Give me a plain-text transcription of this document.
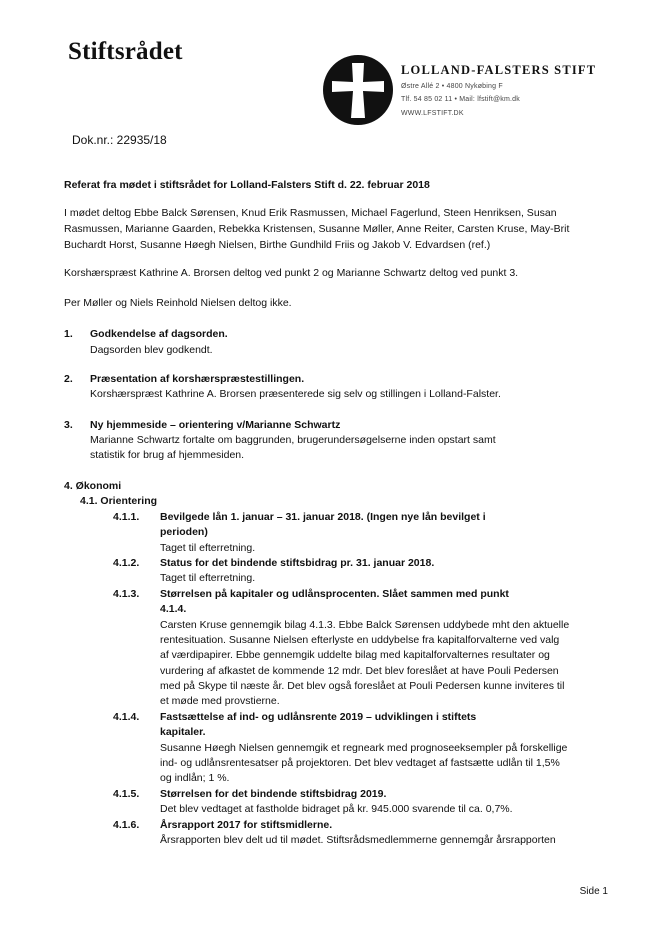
Stiftsrådet
LOLLAND-FALSTERS STIFT
Østre Allé 2 • 4800 Nykøbing F
Tlf. 54 85 02 11 • Mail: lfstift@km.dk
WWW.LFSTIFT.DK
Dok.nr.: 22935/18
Referat fra mødet i stiftsrådet for Lolland-Falsters Stift d. 22. februar 2018
I mødet deltog Ebbe Balck Sørensen, Knud Erik Rasmussen, Michael Fagerlund, Steen Henriksen, Susan
Rasmussen, Marianne Gaarden, Rebekka Kristensen, Susanne Møller, Anne Reiter, Carsten Kruse, May-Brit
Buchardt Horst, Susanne Høegh Nielsen, Birthe Gundhild Friis og Jakob V. Edvardsen (ref.)
Korshærspræst Kathrine A. Brorsen deltog ved punkt 2 og Marianne Schwartz deltog ved punkt 3.
Per Møller og Niels Reinhold Nielsen deltog ikke.
1. Godkendelse af dagsorden.
Dagsorden blev godkendt.
2. Præsentation af korshærspræstestillingen.
Korshærspræst Kathrine A. Brorsen præsenterede sig selv og stillingen i Lolland-Falster.
3. Ny hjemmeside – orientering v/Marianne Schwartz
Marianne Schwartz fortalte om baggrunden, brugerundersøgelserne inden opstart samt
statistik for brug af hjemmesiden.
4. Økonomi
4.1. Orientering
4.1.1. Bevilgede lån 1. januar – 31. januar 2018. (Ingen nye lån bevilget i
perioden)
Taget til efterretning.
4.1.2. Status for det bindende stiftsbidrag pr. 31. januar 2018.
Taget til efterretning.
4.1.3. Størrelsen på kapitaler og udlånsprocenten. Slået sammen med punkt
4.1.4.
Carsten Kruse gennemgik bilag 4.1.3. Ebbe Balck Sørensen uddybede mht den aktuelle
rentesituation. Susanne Nielsen efterlyste en uddybelse fra kapitalforvalterne ved valg
af værdipapirer. Ebbe gennemgik uddelte bilag med kapitalforvalternes resultater og
vurdering af afkastet de kommende 12 mdr. Det blev foreslået at have Pouli Pedersen
med på Skype til næste år. Det blev også foreslået at Pouli Pedersen kunne inviteres til
et møde med provstierne.
4.1.4. Fastsættelse af ind- og udlånsrente 2019 – udviklingen i stiftets
kapitaler.
Susanne Høegh Nielsen gennemgik et regneark med prognoseeksempler på forskellige
ind- og udlånsrentesatser på projektoren. Det blev vedtaget af fastsætte udlån til 1,5%
og indlån; 1 %.
4.1.5. Størrelsen for det bindende stiftsbidrag 2019.
Det blev vedtaget at fastholde bidraget på kr. 945.000 svarende til ca. 0,7%.
4.1.6. Årsrapport 2017 for stiftsmidlerne.
Årsrapporten blev delt ud til mødet. Stiftsrådsmedlemmerne gennemgår årsrapporten
Side 1
